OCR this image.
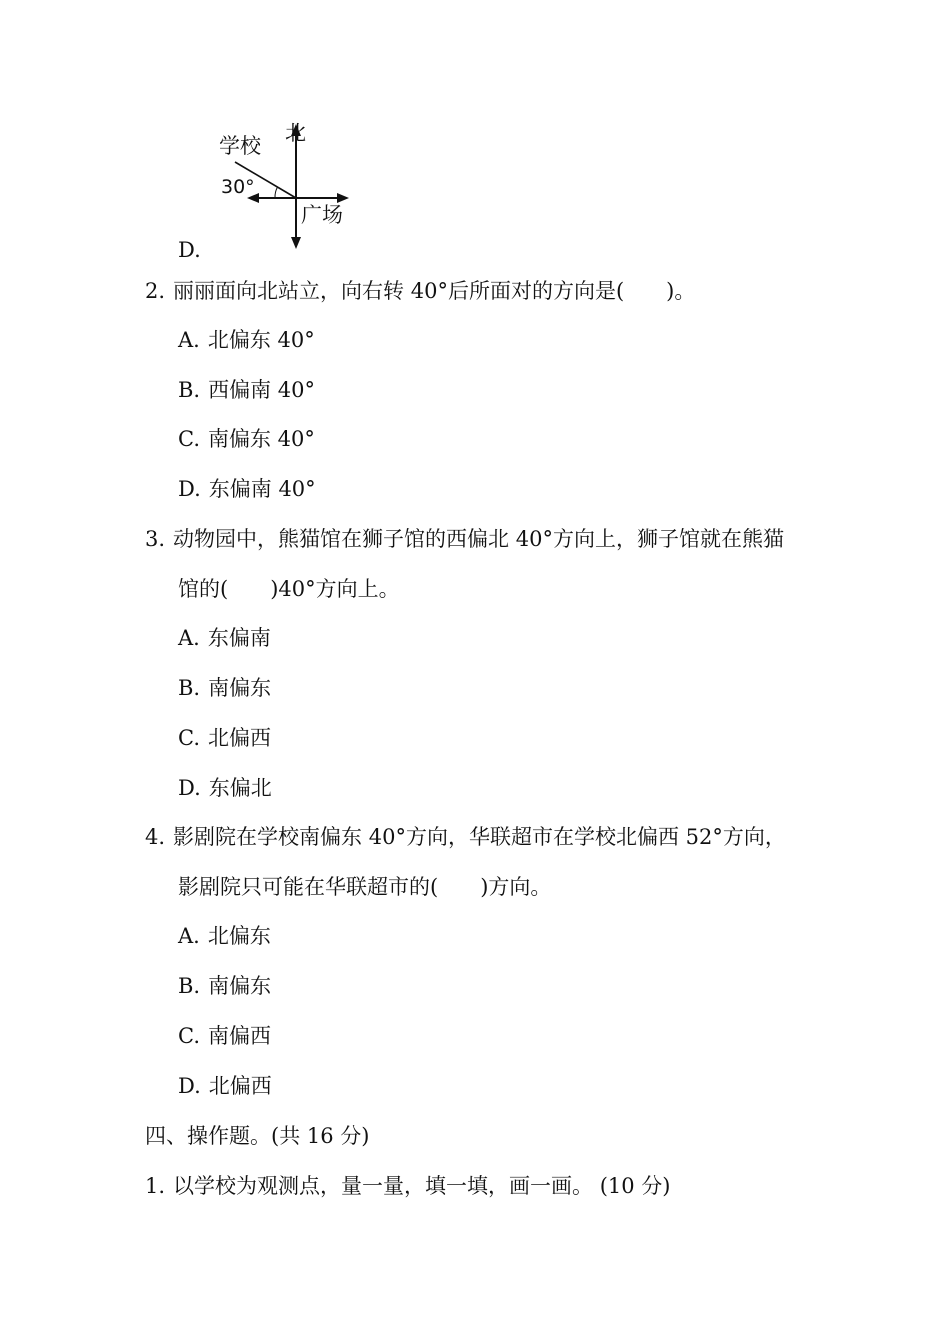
北
学校
30°
广场
D.
2. 丽丽面向北站立，向右转 40°后所面对的方向是(　　)。
A. 北偏东 40°
B. 西偏南 40°
C. 南偏东 40°
D. 东偏南 40°
3. 动物园中，熊猫馆在狮子馆的西偏北 40°方向上，狮子馆就在熊猫
馆的(　　)40°方向上。
A. 东偏南
B. 南偏东
C. 北偏西
D. 东偏北
4. 影剧院在学校南偏东 40°方向，华联超市在学校北偏西 52°方向，
影剧院只可能在华联超市的(　　)方向。
A. 北偏东
B. 南偏东
C. 南偏西
D. 北偏西
四、操作题。(共 16 分)
1. 以学校为观测点，量一量，填一填，画一画。 (10 分)
